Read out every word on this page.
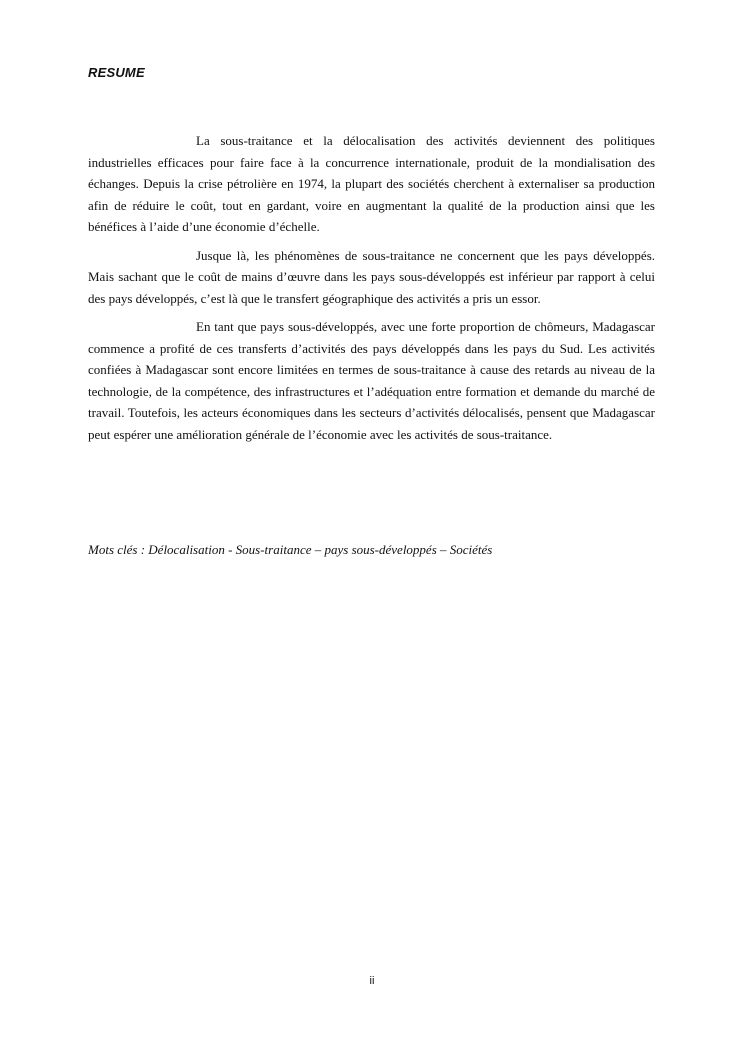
RESUME

La sous-traitance et la délocalisation des activités deviennent des politiques industrielles efficaces pour faire face à la concurrence internationale, produit de la mondialisation des échanges. Depuis la crise pétrolière en 1974, la plupart des sociétés cherchent à externaliser sa production afin de réduire le coût, tout en gardant, voire en augmentant la qualité de la production ainsi que les bénéfices à l’aide d’une économie d’échelle.

Jusque là, les phénomènes de sous-traitance ne concernent que les pays développés. Mais sachant que le coût de mains d’œuvre dans les pays sous-développés est inférieur par rapport à celui des pays développés, c’est là que le transfert géographique des activités a pris un essor.

En tant que pays sous-développés, avec une forte proportion de chômeurs, Madagascar commence a profité de ces transferts d’activités des pays développés dans les pays du Sud. Les activités confiées à Madagascar sont encore limitées en termes de sous-traitance à cause des retards au niveau de la technologie, de la compétence, des infrastructures et l’adéquation entre formation et demande du marché de travail. Toutefois, les acteurs économiques dans les secteurs d’activités délocalisés, pensent que Madagascar peut espérer une amélioration générale de l’économie avec les activités de sous-traitance.

Mots clés : Délocalisation - Sous-traitance – pays sous-développés – Sociétés

ii
